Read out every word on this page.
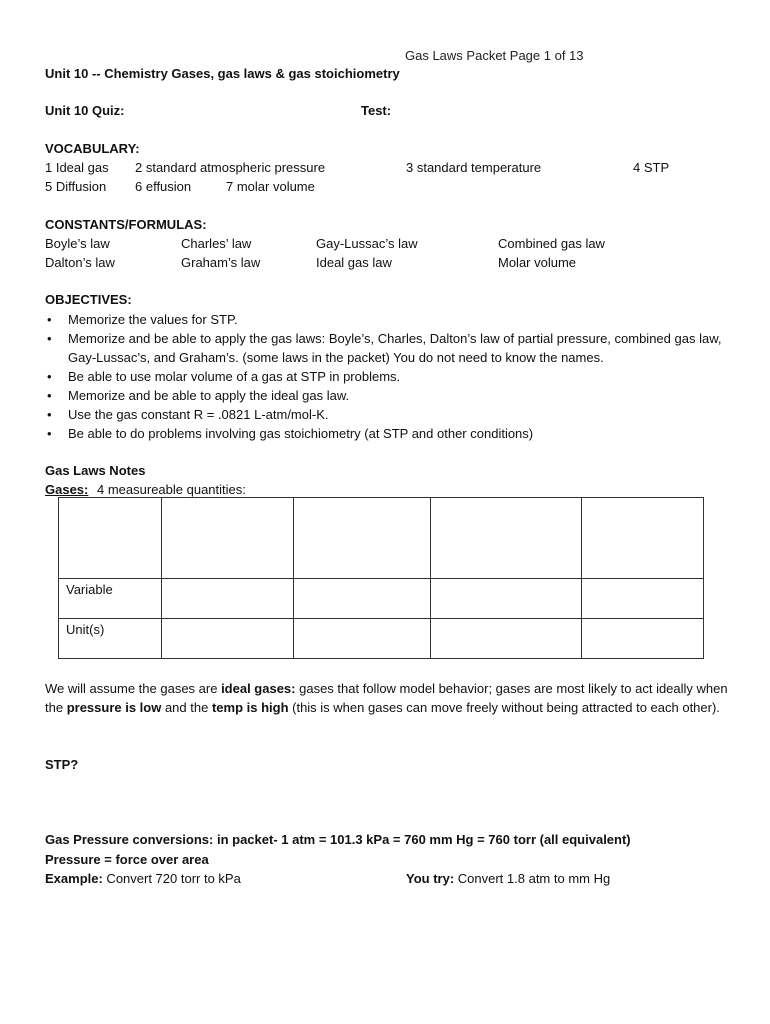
Gas Laws Packet Page 1 of 13
Unit 10 -- Chemistry Gases, gas laws & gas stoichiometry
Unit 10 Quiz:	Test:
VOCABULARY:
1 Ideal gas 2 standard atmospheric pressure	3 standard temperature	4 STP
5 Diffusion 6 effusion	7 molar volume
CONSTANTS/FORMULAS:
Boyle’s law	Charles’ law	Gay-Lussac’s law	Combined gas law
Dalton’s law	Graham’s law	Ideal gas law	Molar volume
OBJECTIVES:
• Memorize the values for STP.
• Memorize and be able to apply the gas laws: Boyle’s, Charles, Dalton’s law of partial pressure, combined gas law, Gay-Lussac’s, and Graham’s. (some laws in the packet) You do not need to know the names.
• Be able to use molar volume of a gas at STP in problems.
• Memorize and be able to apply the ideal gas law.
• Use the gas constant R = .0821 L-atm/mol-K.
• Be able to do problems involving gas stoichiometry (at STP and other conditions)
Gas Laws Notes
Gases: 4 measureable quantities:

Variable				
Unit(s)				
We will assume the gases are ideal gases: gases that follow model behavior; gases are most likely to act ideally when the pressure is low and the temp is high (this is when gases can move freely without being attracted to each other).
STP?
Gas Pressure conversions: in packet- 1 atm = 101.3 kPa = 760 mm Hg = 760 torr (all equivalent)
Pressure = force over area
Example: Convert 720 torr to kPa	You try: Convert 1.8 atm to mm Hg
